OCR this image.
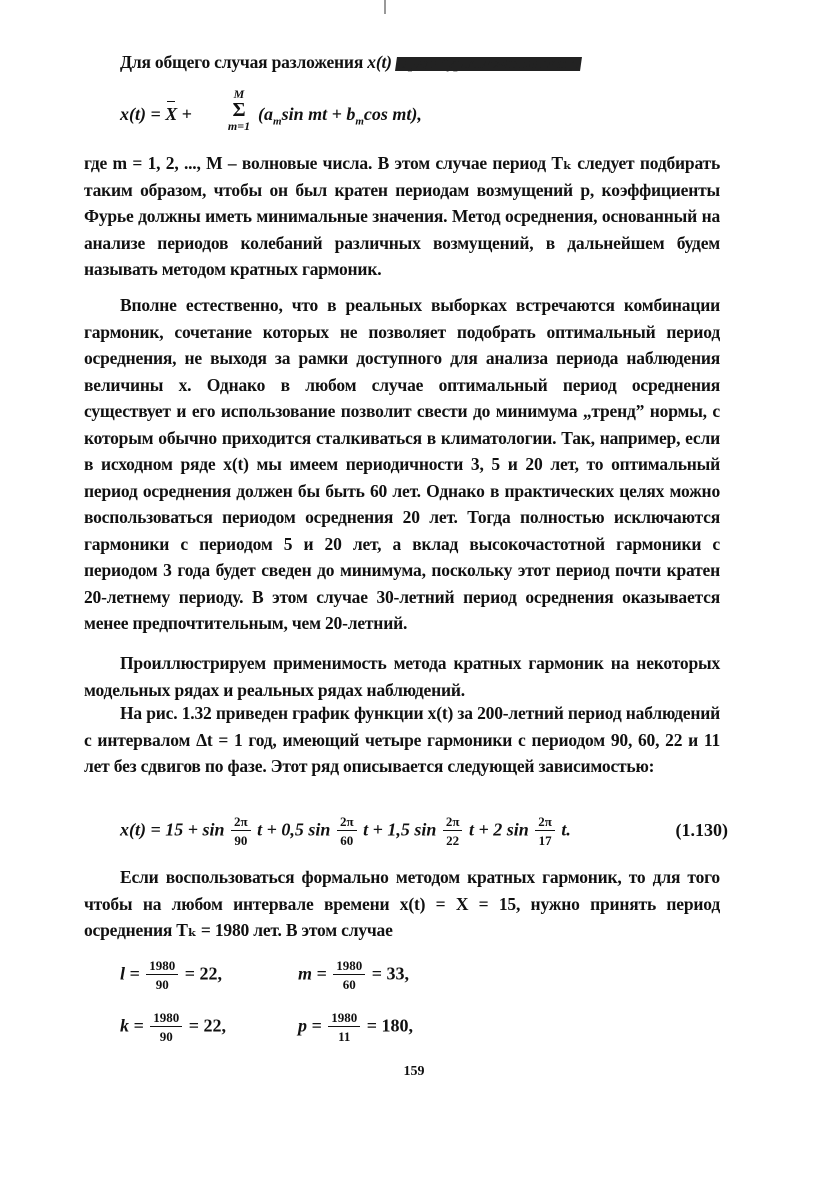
Для общего случая разложения x(t) в ряд Фурье можно записать
x(t) = X +
M
Σ
m=1
($a_m\sin$ mt + $b_m\cos$ mt),
где m = 1, 2, ..., M – волновые числа. В этом случае период Tₖ следует подбирать таким образом, чтобы он был кратен периодам возмущений p, коэффициенты Фурье должны иметь минимальные значения. Метод осреднения, основанный на анализе периодов колебаний различных возмущений, в дальнейшем будем называть методом кратных гармоник.
Вполне естественно, что в реальных выборках встречаются комбинации гармоник, сочетание которых не позволяет подобрать оптимальный период осреднения, не выходя за рамки доступного для анализа периода наблюдения величины x. Однако в любом случае оптимальный период осреднения существует и его использование позволит свести до минимума „тренд” нормы, с которым обычно приходится сталкиваться в климатологии. Так, например, если в исходном ряде x(t) мы имеем периодичности 3, 5 и 20 лет, то оптимальный период осреднения должен бы быть 60 лет. Однако в практических целях можно воспользоваться периодом осреднения 20 лет. Тогда полностью исключаются гармоники с периодом 5 и 20 лет, а вклад высокочастотной гармоники с периодом 3 года будет сведен до минимума, поскольку этот период почти кратен 20-летнему периоду. В этом случае 30-летний период осреднения оказывается менее предпочтительным, чем 20-летний.
Проиллюстрируем применимость метода кратных гармоник на некоторых модельных рядах и реальных рядах наблюдений.
На рис. 1.32 приведен график функции x(t) за 200-летний период наблюдений с интервалом Δt = 1 год, имеющий четыре гармоники с периодом 90, 60, 22 и 11 лет без сдвигов по фазе. Этот ряд описывается следующей зависимостью:
$x(t) = 15 + \sin \frac{2\pi}{90}$ t + 0,5 $\sin \frac{2\pi}{60}$ t + 1,5 $\sin \frac{2\pi}{22}$ t + 2 $\sin \frac{2\pi}{17} t$.	(1.130)
Если воспользоваться формально методом кратных гармоник, то для того чтобы на любом интервале времени x(t) = X = 15, нужно принять период осреднения Tₖ = 1980 лет. В этом случае
$l = \frac{1980}{90} = 22$,	$m = \frac{1980}{60} = 33$,
$k = \frac{1980}{90} = 22$,	$p = \frac{1980}{11} = 180$,
159
